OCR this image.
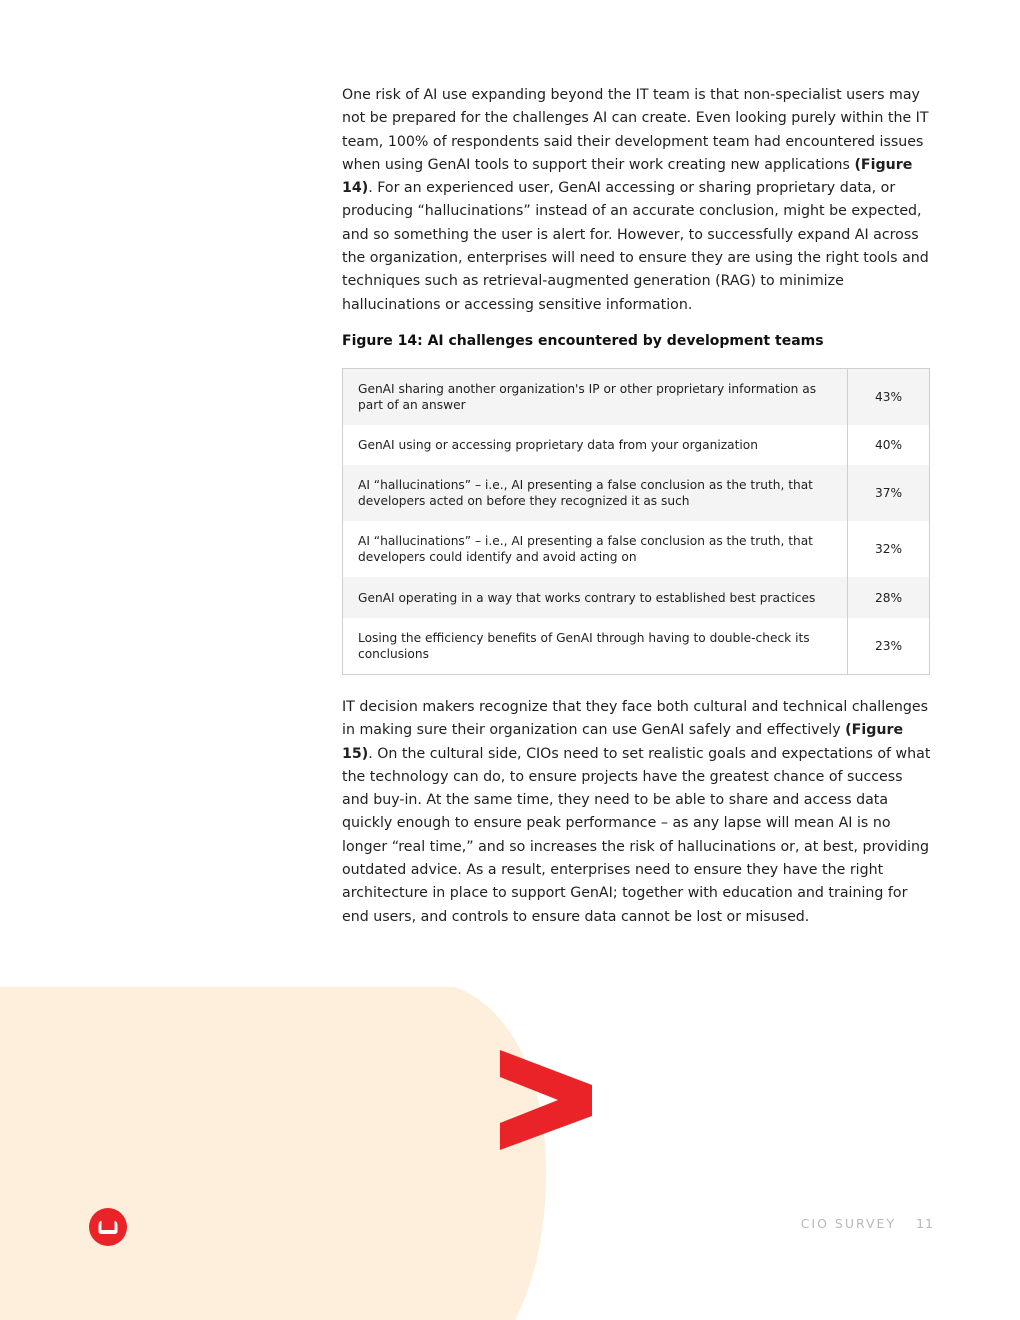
One risk of AI use expanding beyond the IT team is that non-specialist users may not be prepared for the challenges AI can create. Even looking purely within the IT team, 100% of respondents said their development team had encountered issues when using GenAI tools to support their work creating new applications (Figure 14). For an experienced user, GenAI accessing or sharing proprietary data, or producing “hallucinations” instead of an accurate conclusion, might be expected, and so something the user is alert for. However, to successfully expand AI across the organization, enterprises will need to ensure they are using the right tools and techniques such as retrieval-augmented generation (RAG) to minimize hallucinations or accessing sensitive information.

Figure 14: AI challenges encountered by development teams
GenAI sharing another organization's IP or other proprietary information as part of an answer	43%
GenAI using or accessing proprietary data from your organization	40%
AI “hallucinations” – i.e., AI presenting a false conclusion as the truth, that developers acted on before they recognized it as such	37%
AI “hallucinations” – i.e., AI presenting a false conclusion as the truth, that developers could identify and avoid acting on	32%
GenAI operating in a way that works contrary to established best practices	28%
Losing the efficiency benefits of GenAI through having to double-check its conclusions	23%

IT decision makers recognize that they face both cultural and technical challenges in making sure their organization can use GenAI safely and effectively (Figure 15). On the cultural side, CIOs need to set realistic goals and expectations of what the technology can do, to ensure projects have the greatest chance of success and buy-in. At the same time, they need to be able to share and access data quickly enough to ensure peak performance – as any lapse will mean AI is no longer “real time,” and so increases the risk of hallucinations or, at best, providing outdated advice. As a result, enterprises need to ensure they have the right architecture in place to support GenAI; together with education and training for end users, and controls to ensure data cannot be lost or misused.

CIO SURVEY 11
